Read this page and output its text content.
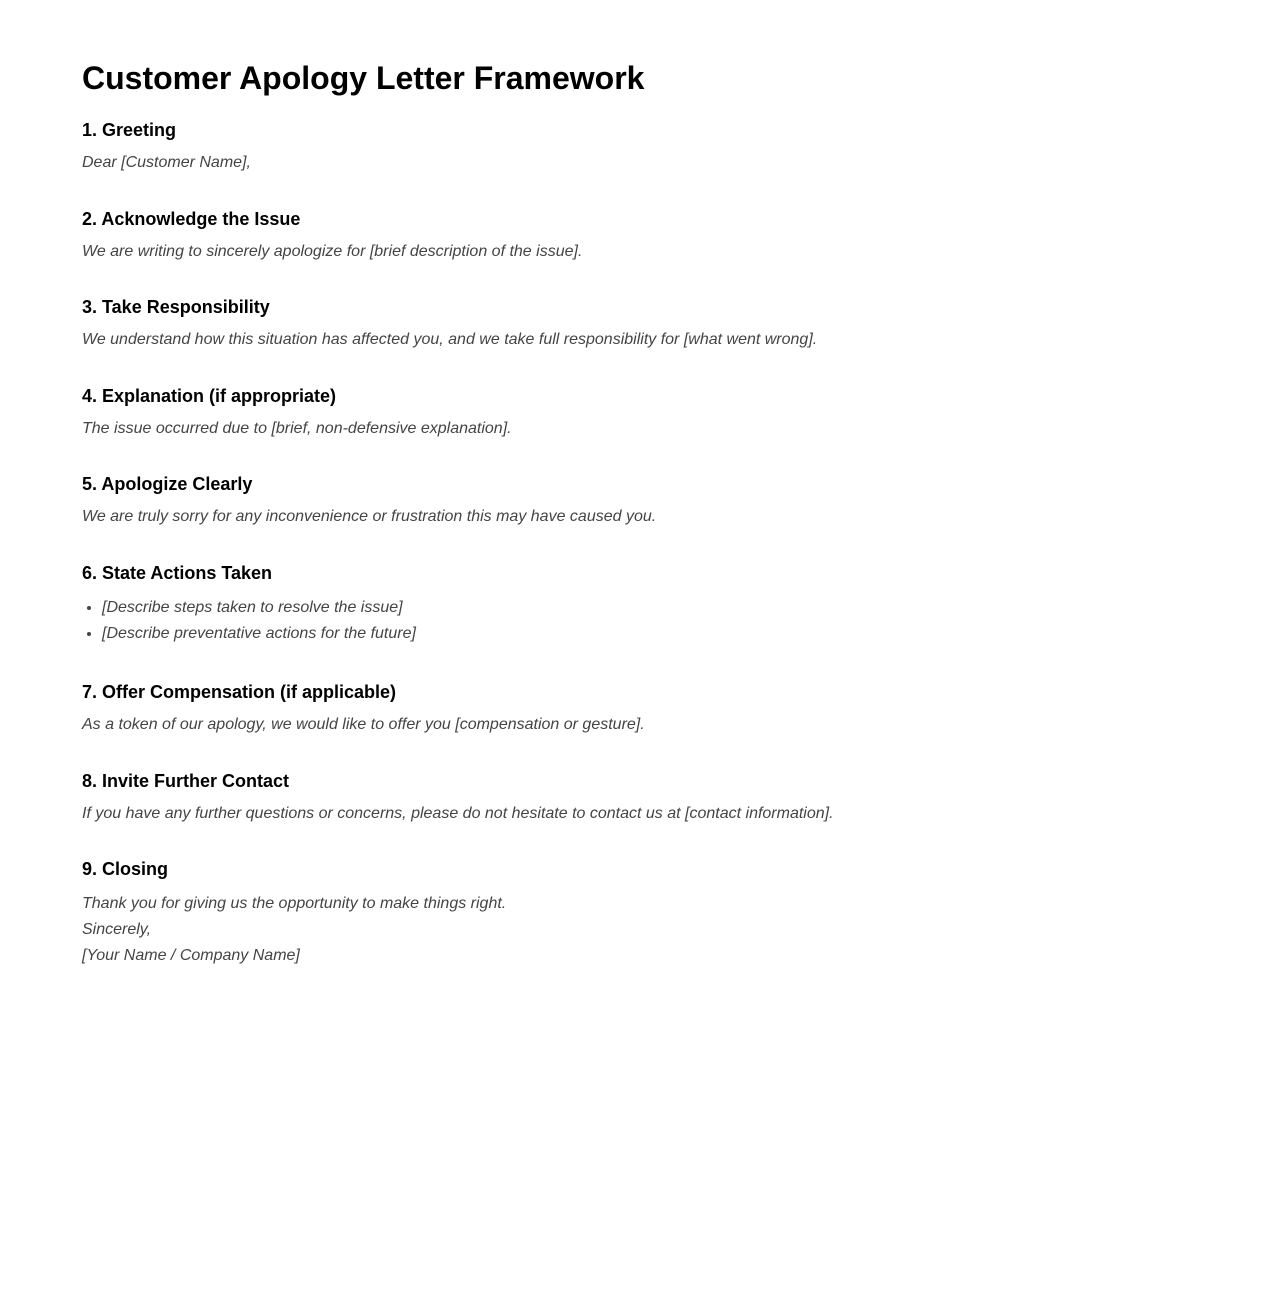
Customer Apology Letter Framework
1. Greeting

Dear [Customer Name],

2. Acknowledge the Issue

We are writing to sincerely apologize for [brief description of the issue].

3. Take Responsibility

We understand how this situation has affected you, and we take full responsibility for [what went wrong].

4. Explanation (if appropriate)

The issue occurred due to [brief, non-defensive explanation].

5. Apologize Clearly

We are truly sorry for any inconvenience or frustration this may have caused you.

6. State Actions Taken
• [Describe steps taken to resolve the issue]
• [Describe preventative actions for the future]
7. Offer Compensation (if applicable)

As a token of our apology, we would like to offer you [compensation or gesture].

8. Invite Further Contact

If you have any further questions or concerns, please do not hesitate to contact us at [contact information].

9. Closing
Thank you for giving us the opportunity to make things right.
Sincerely,
[Your Name / Company Name]
